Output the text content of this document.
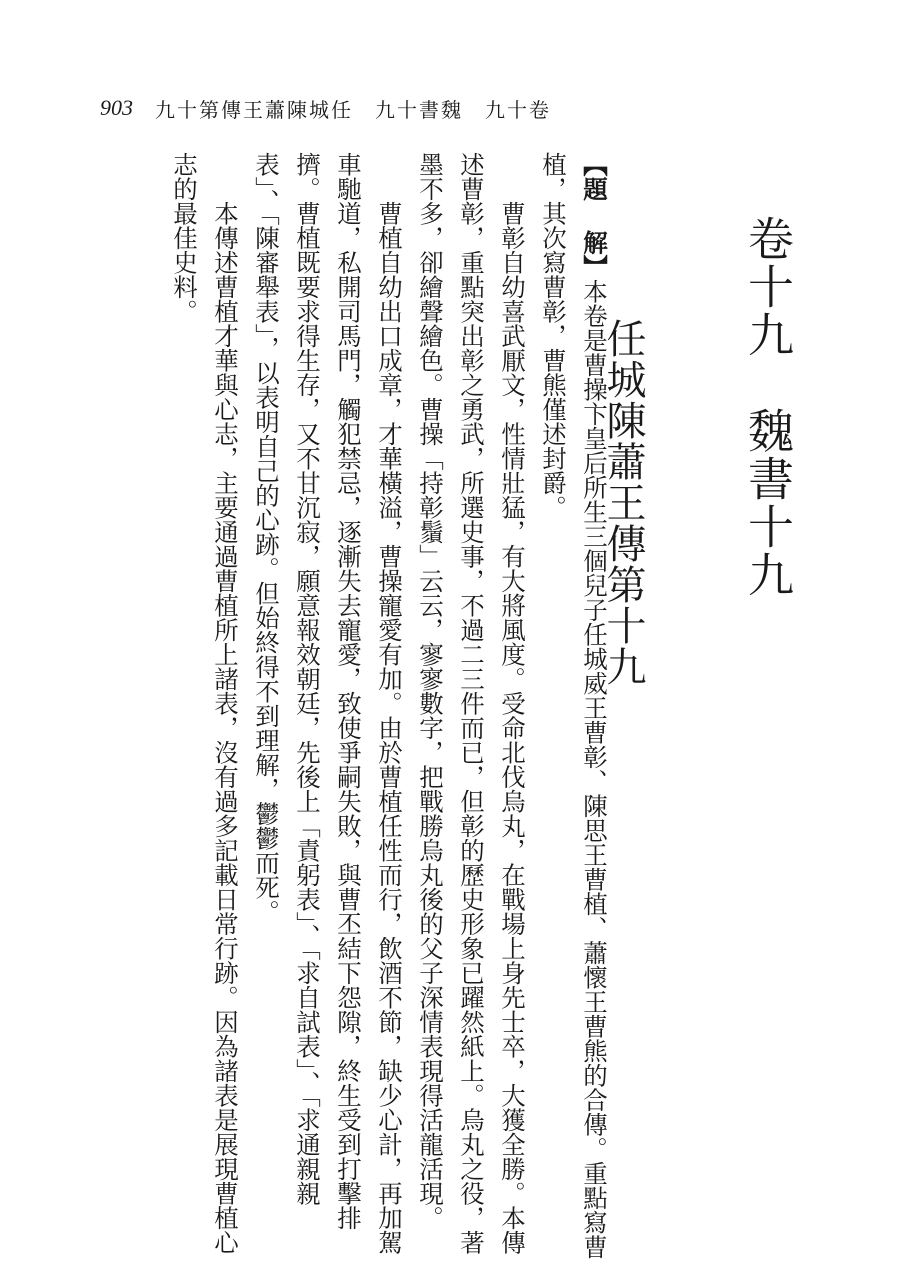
903 九十第傳王蕭陳城任　九十書魏　九十卷
卷十九　魏書十九
任城陳蕭王傳第十九

【題 解】本卷是曹操卞皇后所生三個兒子任城威王曹彰、陳思王曹植、蕭懷王曹熊的合傳。重點寫曹植，其次寫曹彰，曹熊僅述封爵。

曹彰自幼喜武厭文，性情壯猛，有大將風度。受命北伐烏丸，在戰場上身先士卒，大獲全勝。本傳述曹彰，重點突出彰之勇武，所選史事，不過二三件而已，但彰的歷史形象已躍然紙上。烏丸之役，著墨不多，卻繪聲繪色。曹操「持彰鬚」云云，寥寥數字，把戰勝烏丸後的父子深情表現得活龍活現。

曹植自幼出口成章，才華橫溢，曹操寵愛有加。由於曹植任性而行，飲酒不節，缺少心計，再加駕車馳道，私開司馬門，觸犯禁忌，逐漸失去寵愛，致使爭嗣失敗，與曹丕結下怨隙，終生受到打擊排擠。曹植既要求得生存，又不甘沉寂，願意報效朝廷，先後上「責躬表」、「求自試表」、「求通親親表」、「陳審舉表」，以表明自己的心跡。但始終得不到理解，鬱鬱而死。

本傳述曹植才華與心志，主要通過曹植所上諸表，沒有過多記載日常行跡。因為諸表是展現曹植心志的最佳史料。
